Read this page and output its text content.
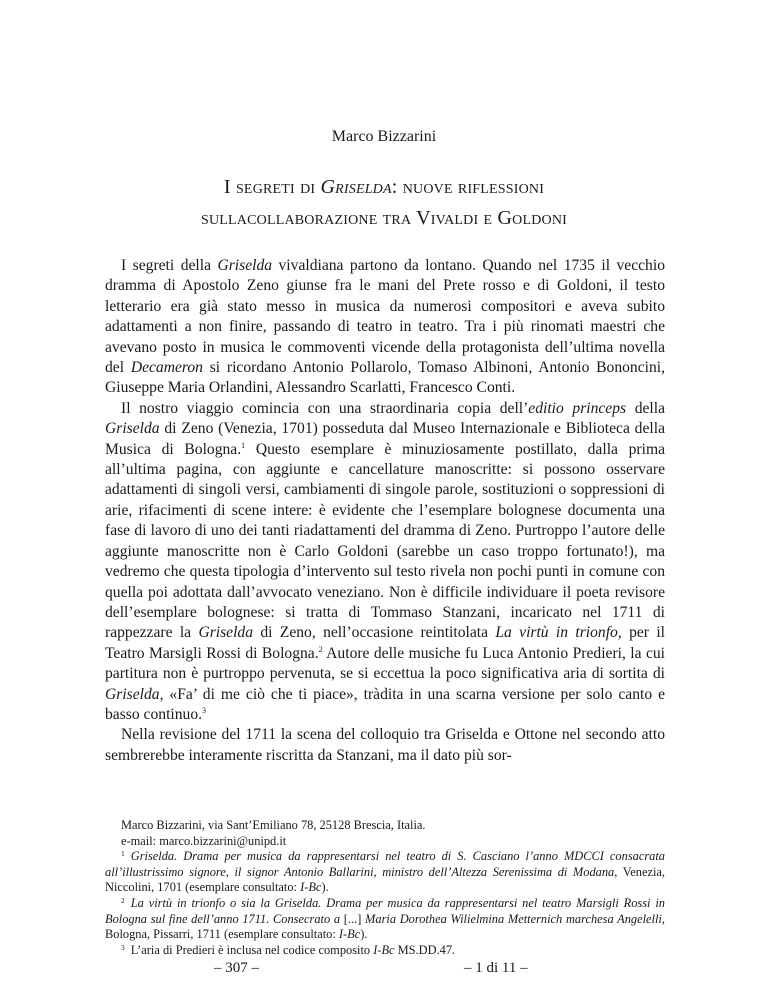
Marco Bizzarini
I segreti di Griselda: nuove riflessioni
sullacollaborazione tra Vivaldi e Goldoni

I segreti della Griselda vivaldiana partono da lontano. Quando nel 1735 il vecchio dramma di Apostolo Zeno giunse fra le mani del Prete rosso e di Goldoni, il testo letterario era già stato messo in musica da numerosi compositori e aveva subito adattamenti a non finire, passando di teatro in teatro. Tra i più rinomati maestri che avevano posto in musica le commoventi vicende della protagonista dell’ultima novella del Decameron si ricordano Antonio Pollarolo, Tomaso Albinoni, Antonio Bononcini, Giuseppe Maria Orlandini, Alessandro Scarlatti, Francesco Conti.

Il nostro viaggio comincia con una straordinaria copia dell’editio princeps della Griselda di Zeno (Venezia, 1701) posseduta dal Museo Internazionale e Biblioteca della Musica di Bologna.$^1$ Questo esemplare è minuziosamente postillato, dalla prima all’ultima pagina, con aggiunte e cancellature manoscritte: si possono osservare adattamenti di singoli versi, cambiamenti di singole parole, sostituzioni o soppressioni di arie, rifacimenti di scene intere: è evidente che l’esemplare bolognese documenta una fase di lavoro di uno dei tanti riadattamenti del dramma di Zeno. Purtroppo l’autore delle aggiunte manoscritte non è Carlo Goldoni (sarebbe un caso troppo fortunato!), ma vedremo che questa tipologia d’intervento sul testo rivela non pochi punti in comune con quella poi adottata dall’avvocato veneziano. Non è difficile individuare il poeta revisore dell’esemplare bolognese: si tratta di Tommaso Stanzani, incaricato nel 1711 di rappezzare la Griselda di Zeno, nell’occasione reintitolata La virtù in trionfo, per il Teatro Marsigli Rossi di Bologna.$^2$ Autore delle musiche fu Luca Antonio Predieri, la cui partitura non è purtroppo pervenuta, se si eccettua la poco significativa aria di sortita di Griselda, «Fa’ di me ciò che ti piace», tràdita in una scarna versione per solo canto e basso continuo.$^3$

Nella revisione del 1711 la scena del colloquio tra Griselda e Ottone nel secondo atto sembrerebbe interamente riscritta da Stanzani, ma il dato più sor-

Marco Bizzarini, via Sant’Emiliano 78, 25128 Brescia, Italia.

e-mail: marco.bizzarini@unipd.it

$^1$ Griselda. Drama per musica da rappresentarsi nel teatro di S. Casciano l’anno MDCCI consacrata all’illustrissimo signore, il signor Antonio Ballarini, ministro dell’Altezza Serenissima di Modana, Venezia, Niccolini, 1701 (esemplare consultato: I-Bc).

$^2$ La virtù in trionfo o sia la Griselda. Drama per musica da rappresentarsi nel teatro Marsigli Rossi in Bologna sul fine dell’anno 1711. Consecrato a [...] Maria Dorothea Wilielmina Metternich marchesa Angelelli, Bologna, Pissarri, 1711 (esemplare consultato: I-Bc).

$^3$ L’aria di Predieri è inclusa nel codice composito I-Bc MS.DD.47.

– 307 –	– 1 di 11 –
